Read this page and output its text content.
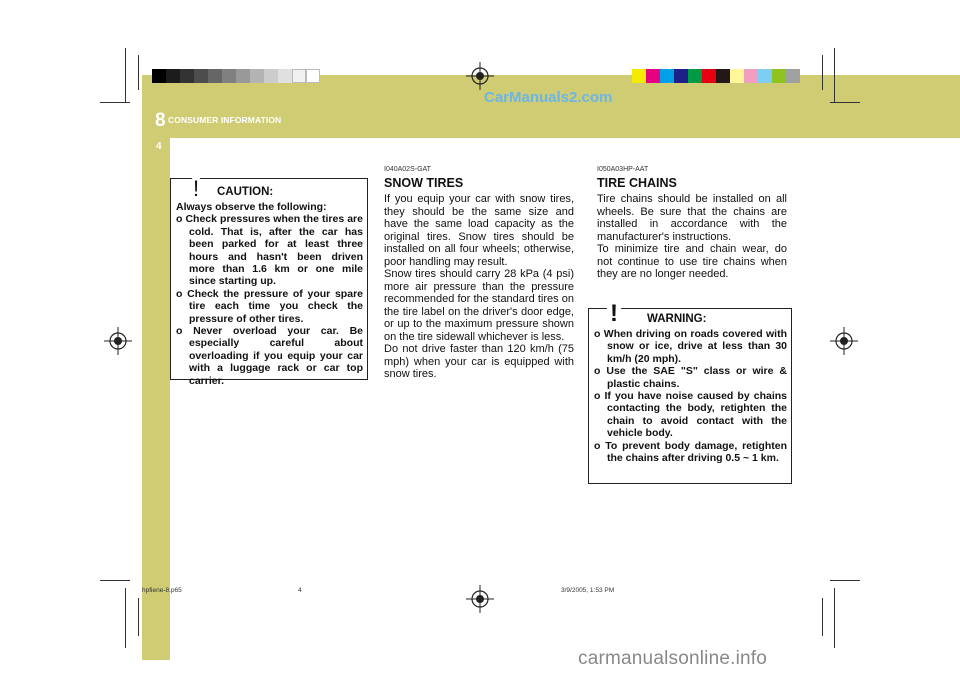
8 CONSUMER INFORMATION
4
CarManuals2.com
! CAUTION:
Always observe the following:
o Check pressures when the tires are cold. That is, after the car has been parked for at least three hours and hasn't been driven more than 1.6 km or one mile since starting up.
o Check the pressure of your spare tire each time you check the pressure of other tires.
o Never overload your car. Be especially careful about overloading if you equip your car with a luggage rack or car top carrier.
I040A02S-GAT
SNOW TIRES
If you equip your car with snow tires, they should be the same size and have the same load capacity as the original tires. Snow tires should be installed on all four wheels; otherwise, poor handling may result.
Snow tires should carry 28 kPa (4 psi) more air pressure than the pressure recommended for the standard tires on the tire label on the driver's door edge, or up to the maximum pressure shown on the tire sidewall whichever is less.
Do not drive faster than 120 km/h (75 mph) when your car is equipped with snow tires.
I050A03HP-AAT
TIRE CHAINS
Tire chains should be installed on all wheels. Be sure that the chains are installed in accordance with the manufacturer's instructions.
To minimize tire and chain wear, do not continue to use tire chains when they are no longer needed.
!	WARNING:
o When driving on roads covered with snow or ice, drive at less than 30 km/h (20 mph).
o Use the SAE "S" class or wire & plastic chains.
o If you have noise caused by chains contacting the body, retighten the chain to avoid contact with the vehicle body.
o To prevent body damage, retighten the chains after driving 0.5 ~ 1 km.
hpfiene-8.p65	4	3/9/2005, 1:53 PM
carmanualsonline.info
